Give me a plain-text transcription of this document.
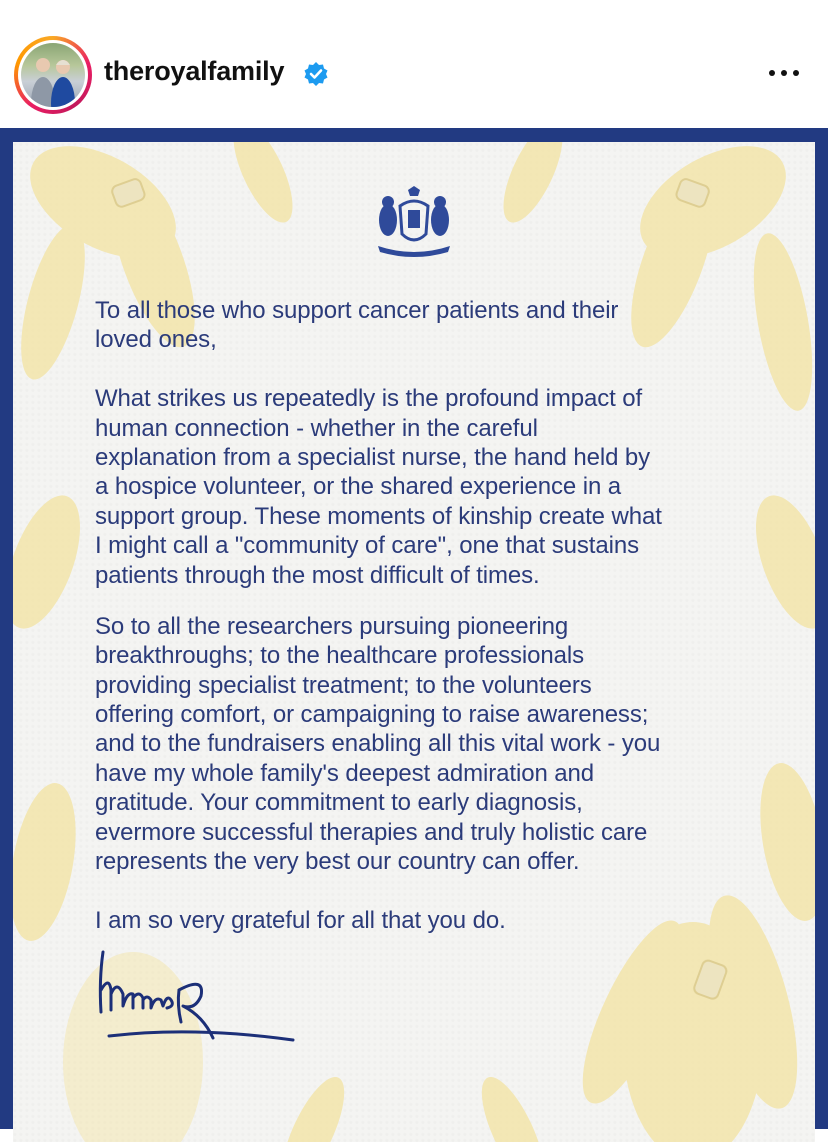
theroyalfamily
To all those who support cancer patients and their
loved ones,
What strikes us repeatedly is the profound impact of
human connection - whether in the careful
explanation from a specialist nurse, the hand held by
a hospice volunteer, or the shared experience in a
support group. These moments of kinship create what
I might call a "community of care", one that sustains
patients through the most difficult of times.
So to all the researchers pursuing pioneering
breakthroughs; to the healthcare professionals
providing specialist treatment; to the volunteers
offering comfort, or campaigning to raise awareness;
and to the fundraisers enabling all this vital work - you
have my whole family's deepest admiration and
gratitude. Your commitment to early diagnosis,
evermore successful therapies and truly holistic care
represents the very best our country can offer.
I am so very grateful for all that you do.
